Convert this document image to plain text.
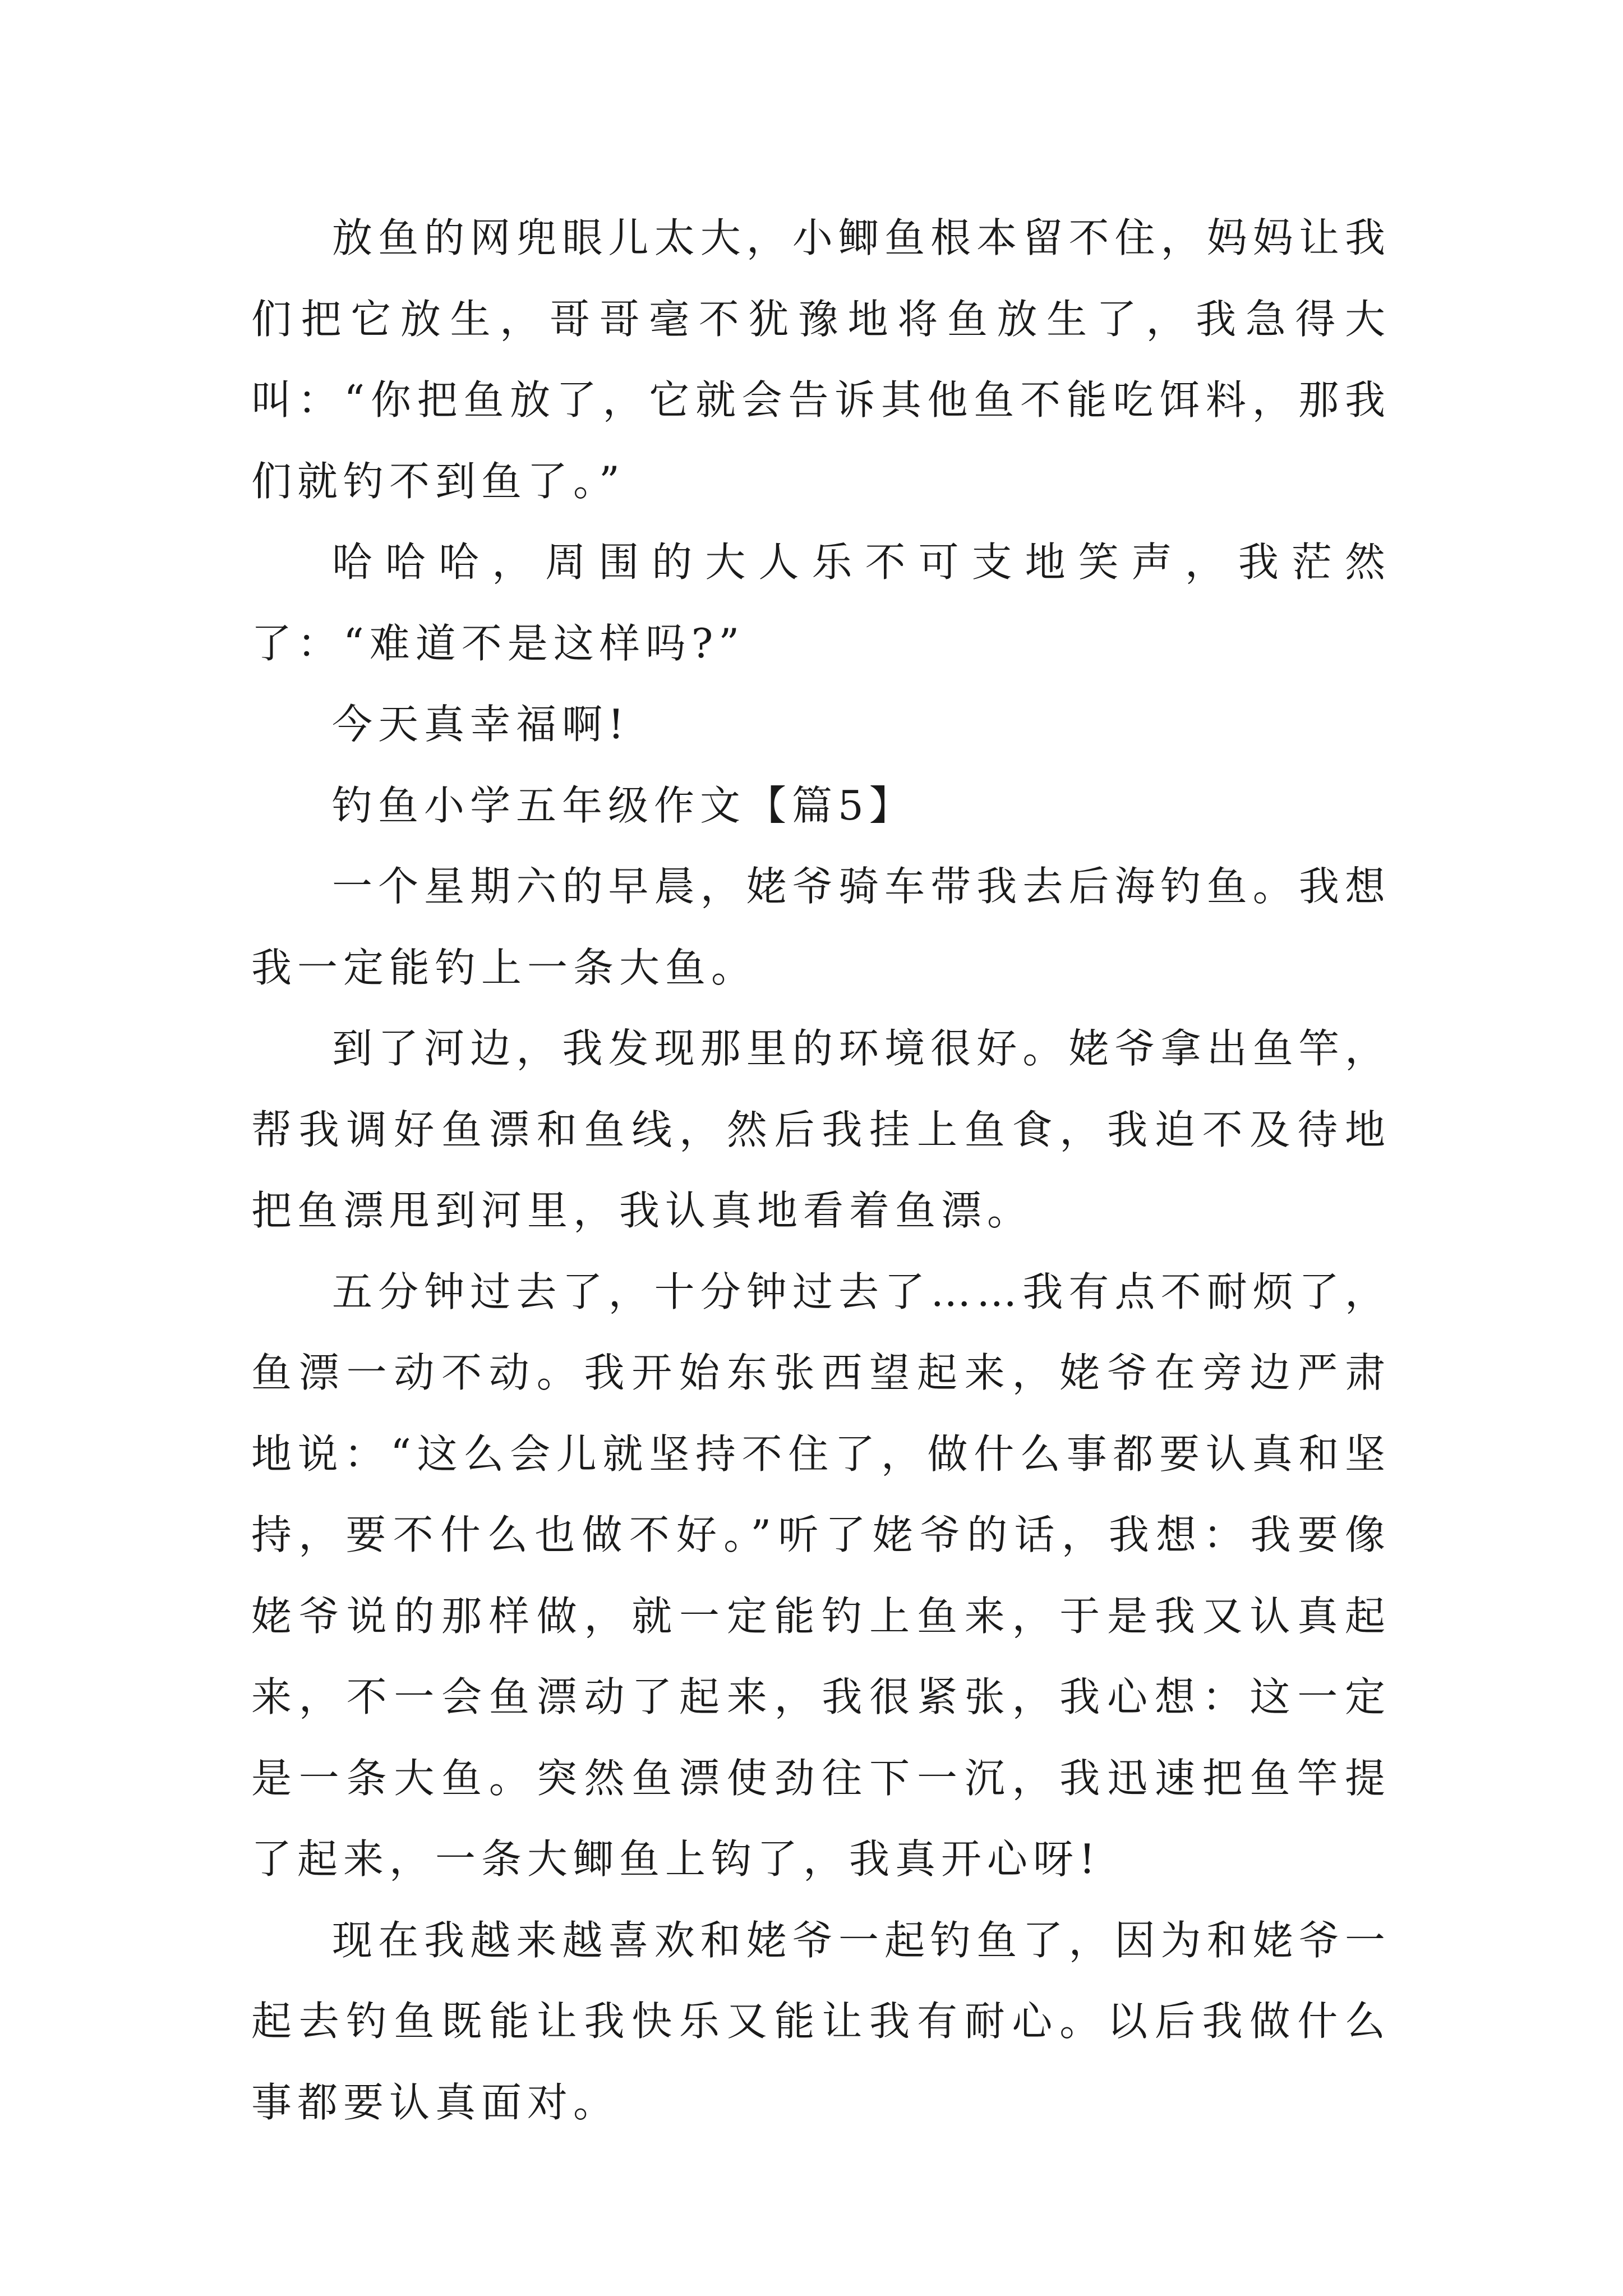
放鱼的网兜眼儿太大，小鲫鱼根本留不住，妈妈让我们把它放生，哥哥毫不犹豫地将鱼放生了，我急得大叫：“你把鱼放了，它就会告诉其他鱼不能吃饵料，那我们就钓不到鱼了。”

哈哈哈，周围的大人乐不可支地笑声，我茫然了：“难道不是这样吗?”

今天真幸福啊!

钓鱼小学五年级作文【篇5】

一个星期六的早晨，姥爷骑车带我去后海钓鱼。我想我一定能钓上一条大鱼。

到了河边，我发现那里的环境很好。姥爷拿出鱼竿，帮我调好鱼漂和鱼线，然后我挂上鱼食，我迫不及待地把鱼漂甩到河里，我认真地看着鱼漂。

五分钟过去了，十分钟过去了……我有点不耐烦了，鱼漂一动不动。我开始东张西望起来，姥爷在旁边严肃地说：“这么会儿就坚持不住了，做什么事都要认真和坚持，要不什么也做不好。”听了姥爷的话，我想：我要像姥爷说的那样做，就一定能钓上鱼来，于是我又认真起来，不一会鱼漂动了起来，我很紧张，我心想：这一定是一条大鱼。突然鱼漂使劲往下一沉，我迅速把鱼竿提了起来，一条大鲫鱼上钩了，我真开心呀!

现在我越来越喜欢和姥爷一起钓鱼了，因为和姥爷一起去钓鱼既能让我快乐又能让我有耐心。以后我做什么事都要认真面对。
